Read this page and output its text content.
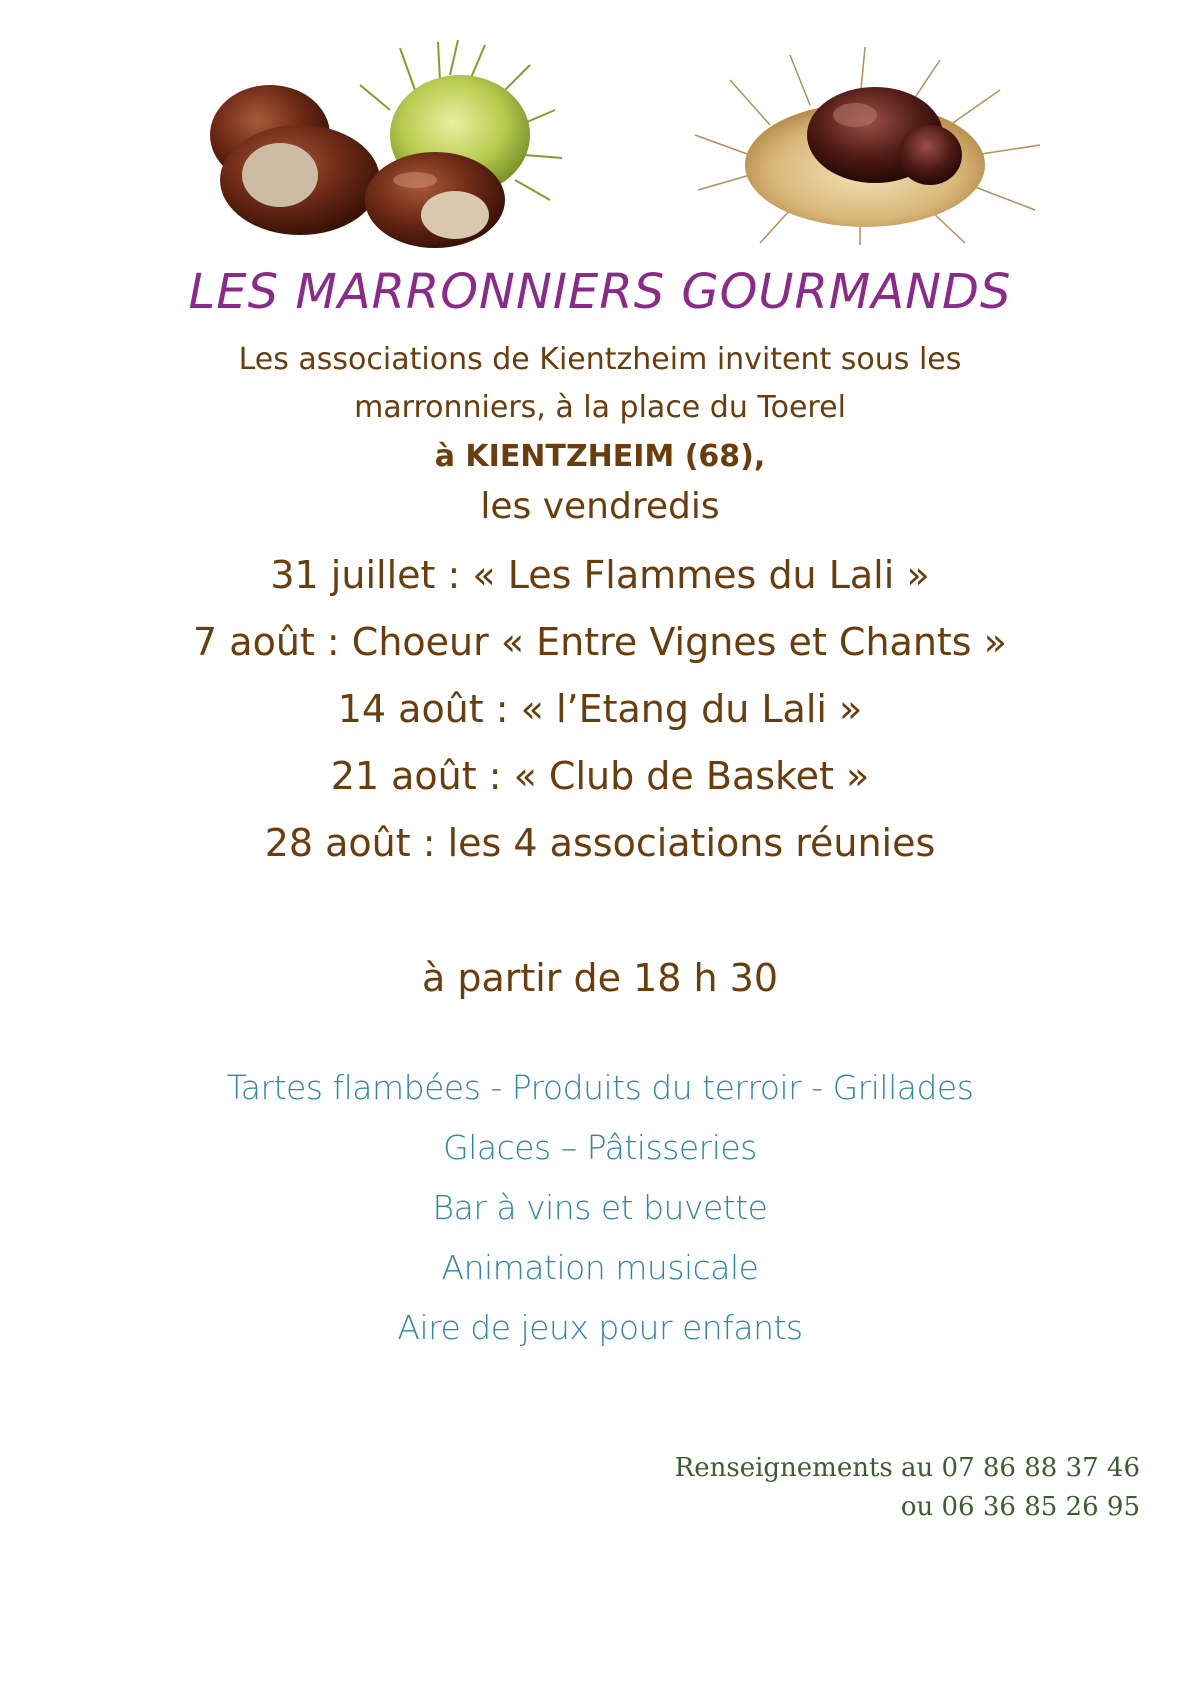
LES MARRONNIERS GOURMANDS
Les associations de Kientzheim invitent sous les
marronniers, à la place du Toerel
à KIENTZHEIM (68),
les vendredis
31 juillet : « Les Flammes du Lali »
7 août : Choeur « Entre Vignes et Chants »
14 août : « l’Etang du Lali »
21 août : « Club de Basket »
28 août : les 4 associations réunies
à partir de 18 h 30
Tartes flambées - Produits du terroir - Grillades
Glaces – Pâtisseries
Bar à vins et buvette
Animation musicale
Aire de jeux pour enfants
Renseignements au 07 86 88 37 46
ou 06 36 85 26 95
